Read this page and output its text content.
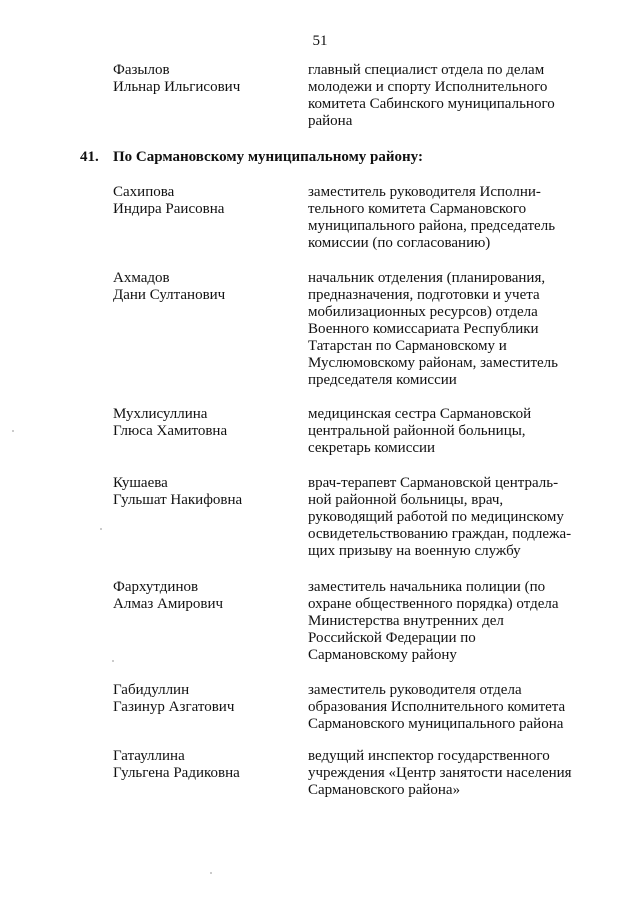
51
Фазылов
Ильнар Ильгисович
главный специалист отдела по делам
молодежи и спорту Исполнительного
комитета Сабинского муниципального
района
41. По Сармановскому муниципальному району:
Сахипова
Индира Раисовна
заместитель руководителя Исполни-
тельного комитета Сармановского
муниципального района, председатель
комиссии (по согласованию)
Ахмадов
Дани Султанович
начальник отделения (планирования,
предназначения, подготовки и учета
мобилизационных ресурсов) отдела
Военного комиссариата Республики
Татарстан по Сармановскому и
Муслюмовскому районам, заместитель
председателя комиссии
Мухлисуллина
Глюса Хамитовна
медицинская сестра Сармановской
центральной районной больницы,
секретарь комиссии
Кушаева
Гульшат Накифовна
врач-терапевт Сармановской централь-
ной районной больницы, врач,
руководящий работой по медицинскому
освидетельствованию граждан, подлежа-
щих призыву на военную службу
Фархутдинов
Алмаз Амирович
заместитель начальника полиции (по
охране общественного порядка) отдела
Министерства внутренних дел
Российской Федерации по
Сармановскому району
Габидуллин
Газинур Азгатович
заместитель руководителя отдела
образования Исполнительного комитета
Сармановского муниципального района
Гатауллина
Гульгена Радиковна
ведущий инспектор государственного
учреждения «Центр занятости населения
Сармановского района»
